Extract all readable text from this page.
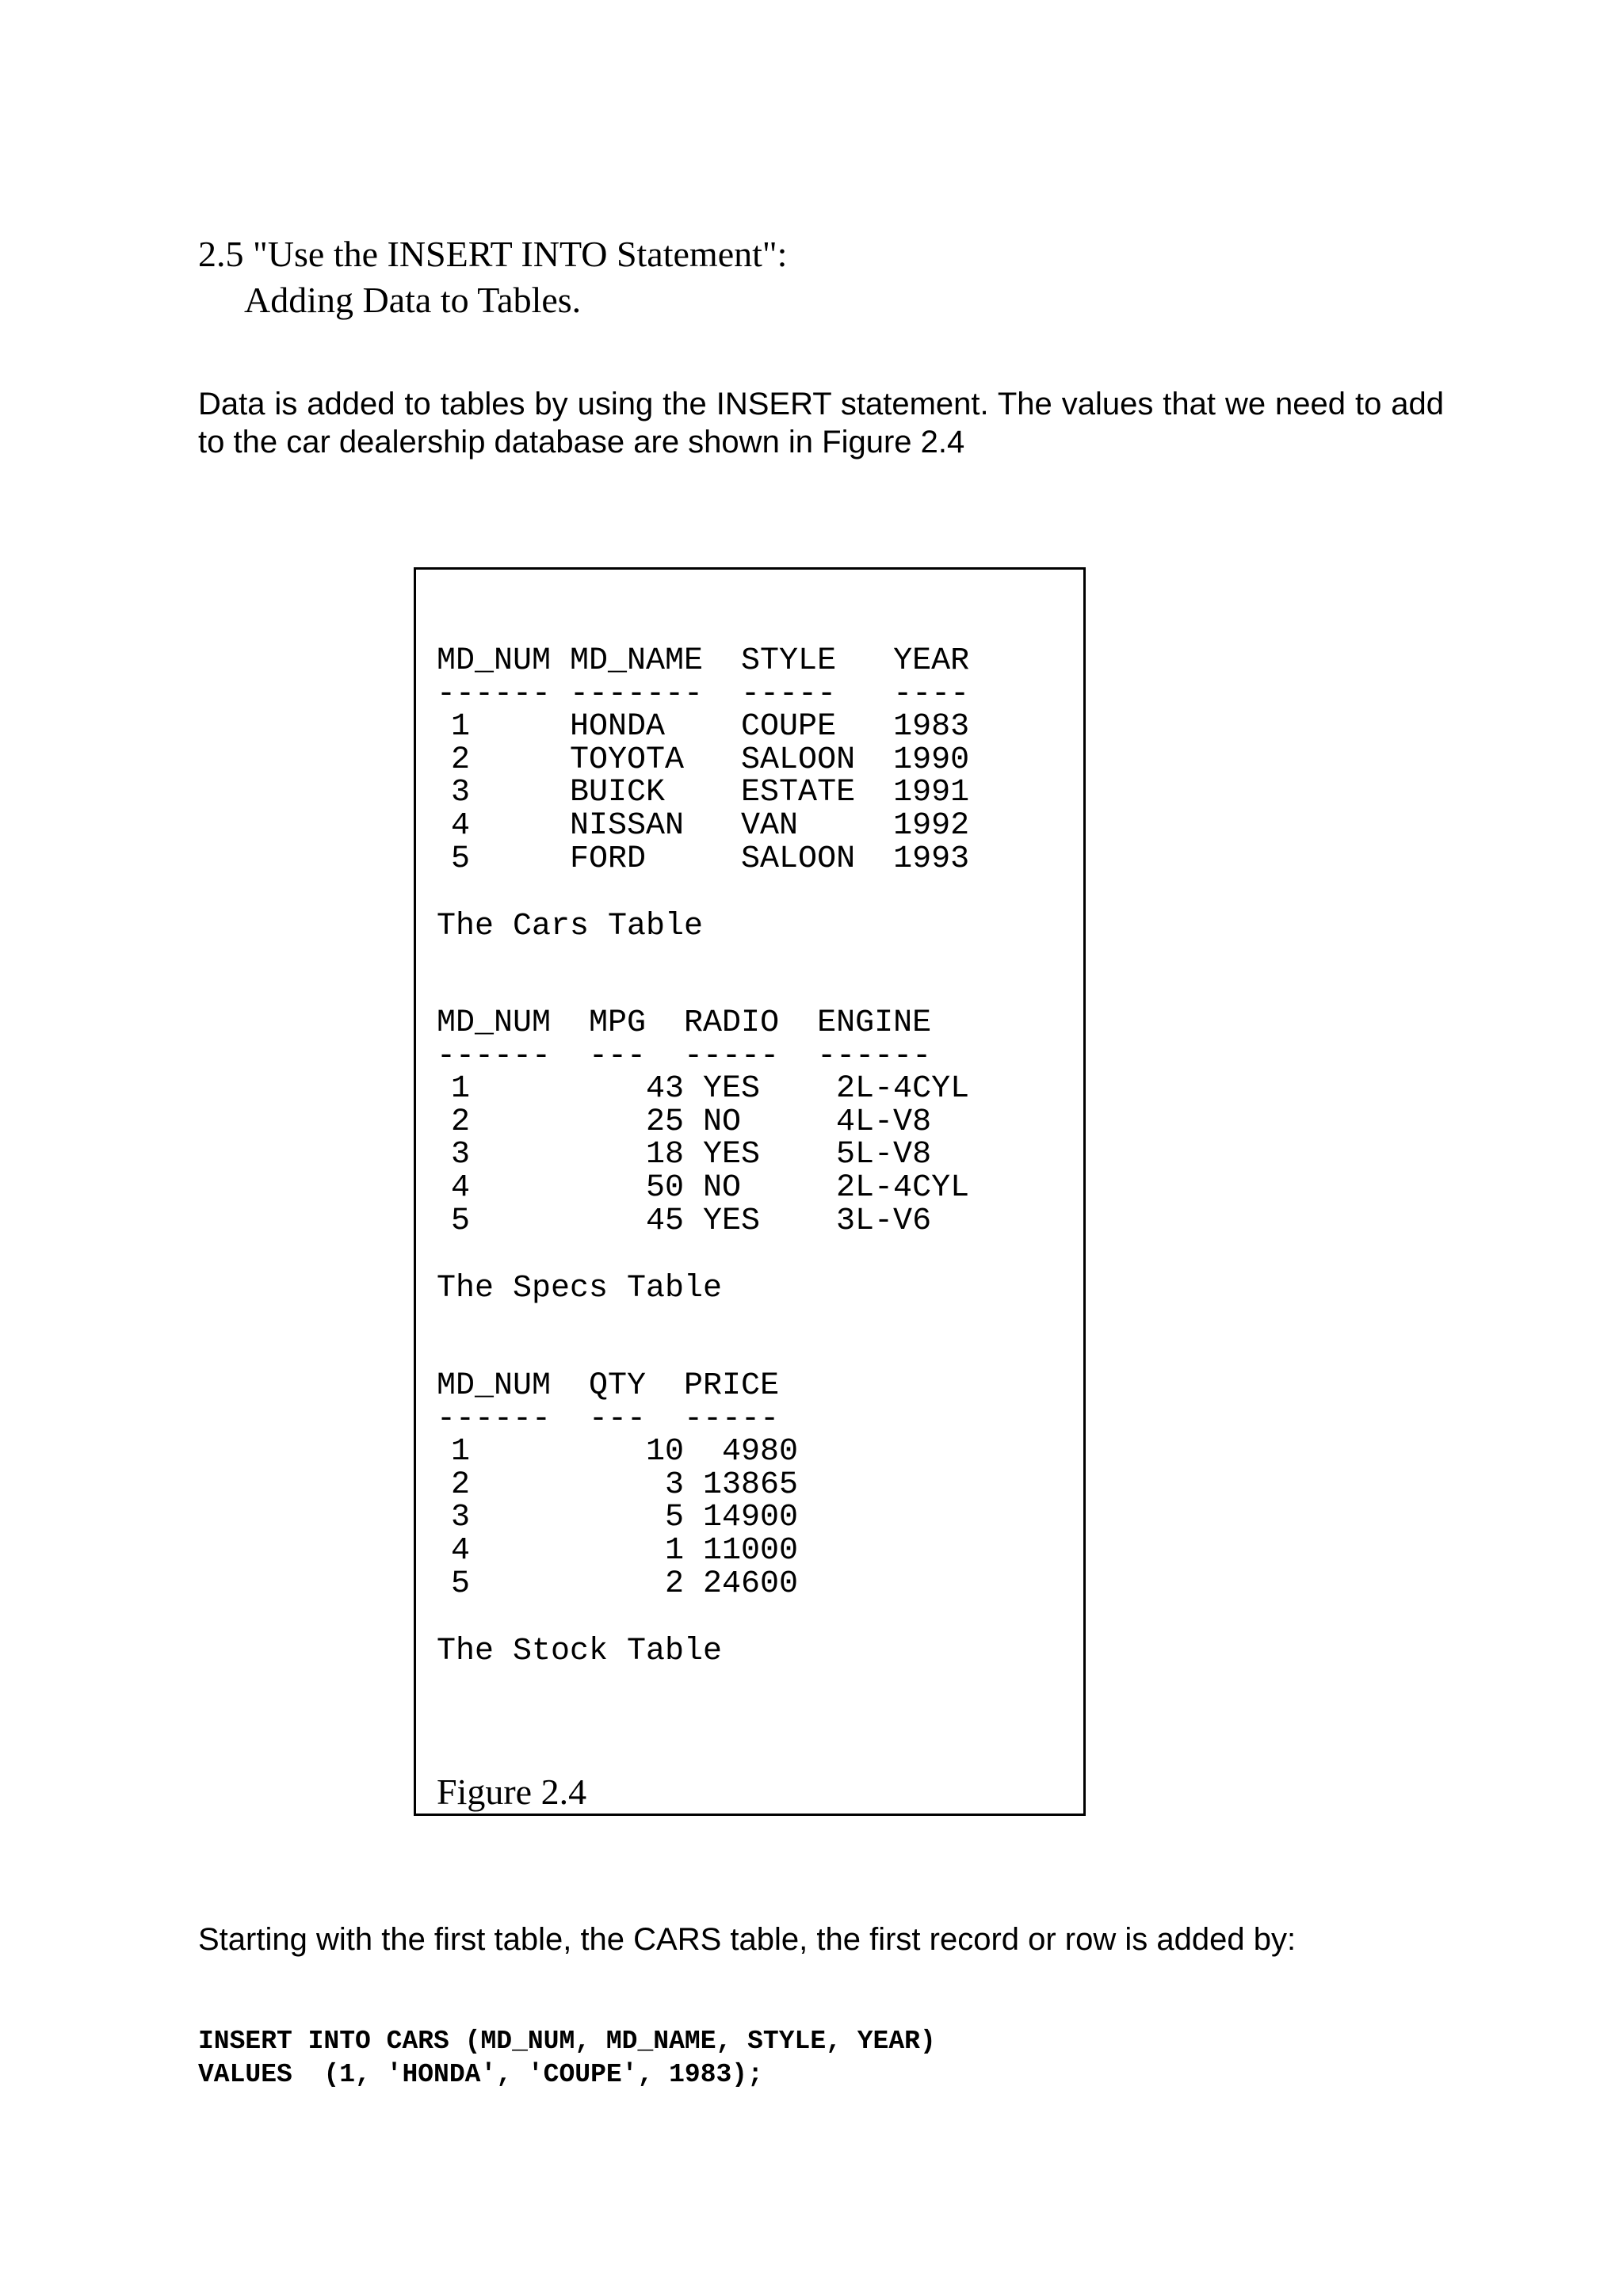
2.5 "Use the INSERT INTO Statement":
Adding Data to Tables.

Data is added to tables by using the INSERT statement. The values that we need to add to the car dealership database are shown in Figure 2.4

MD_NUM MD_NAME STYLE YEAR
------ ------- ----- ----
1	HONDA COUPE 1983
2	TOYOTA SALOON 1990
3	BUICK ESTATE 1991
4	NISSAN VAN	1992
5	FORD	SALOON 1993
The Cars Table
MD_NUM MPG RADIO ENGINE
------ --- ----- ------
1	43 YES 2L-4CYL
2	25 NO	4L-V8
3	18 YES 5L-V8
4	50 NO	2L-4CYL
5	45 YES 3L-V6
The Specs Table
MD_NUM QTY PRICE
------ --- -----
1	10 4980
2	3 13865
3	5 14900
4	1 11000
5	2 24600
The Stock Table
Figure 2.4

Starting with the first table, the CARS table, the first record or row is added by:

INSERT INTO CARS (MD_NUM, MD_NAME, STYLE, YEAR)
VALUES  (1, 'HONDA', 'COUPE', 1983);
